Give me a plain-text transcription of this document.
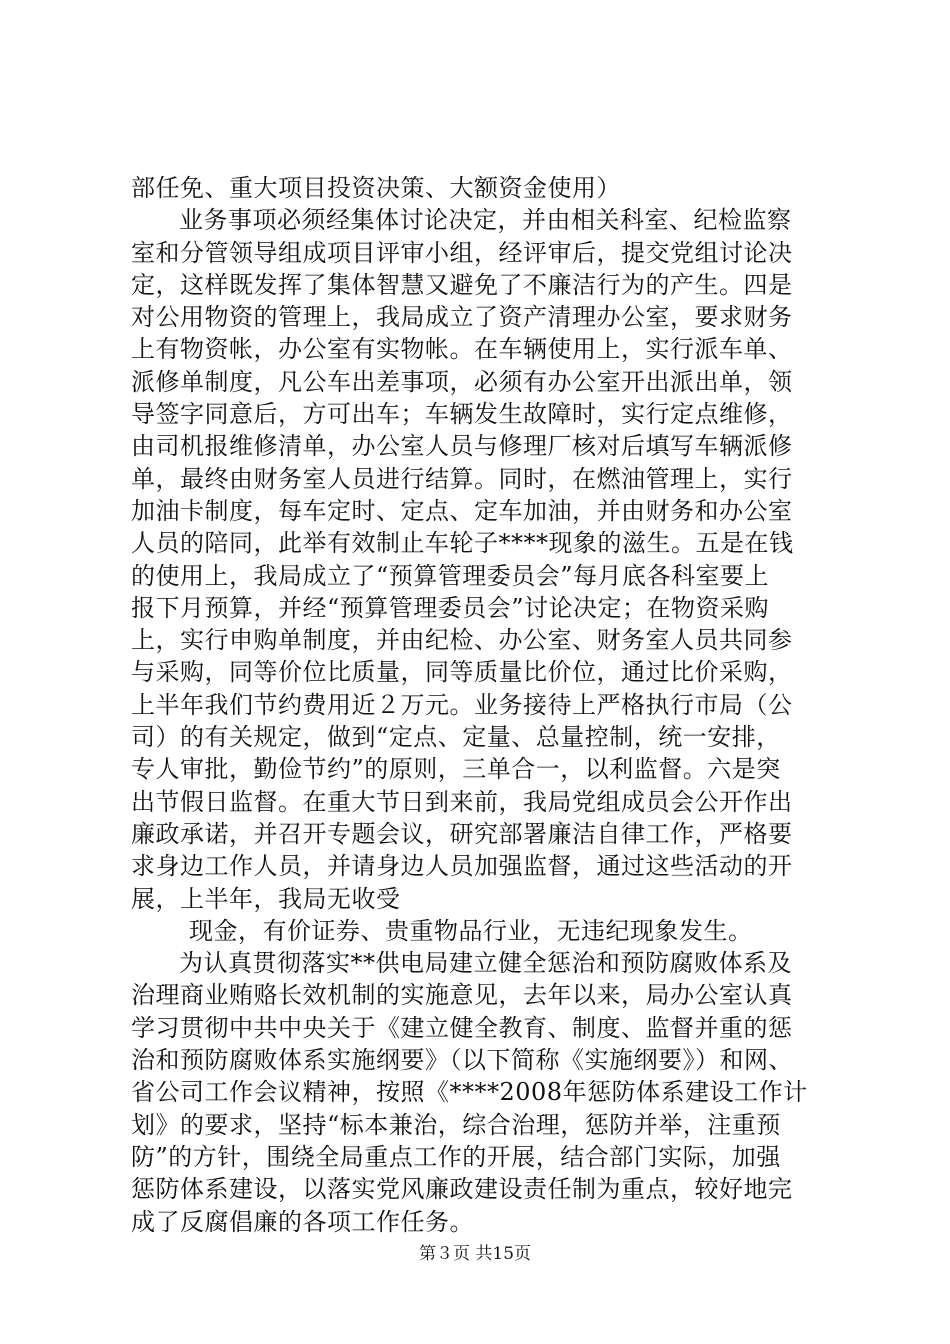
部任免、重大项目投资决策、大额资金使用）
业务事项必须经集体讨论决定，并由相关科室、纪检监察
室和分管领导组成项目评审小组，经评审后，提交党组讨论决
定，这样既发挥了集体智慧又避免了不廉洁行为的产生。四是
对公用物资的管理上，我局成立了资产清理办公室，要求财务
上有物资帐，办公室有实物帐。在车辆使用上，实行派车单、
派修单制度，凡公车出差事项，必须有办公室开出派出单，领
导签字同意后，方可出车；车辆发生故障时，实行定点维修，
由司机报维修清单，办公室人员与修理厂核对后填写车辆派修
单，最终由财务室人员进行结算。同时，在燃油管理上，实行
加油卡制度，每车定时、定点、定车加油，并由财务和办公室
人员的陪同，此举有效制止车轮子****现象的滋生。五是在钱
的使用上，我局成立了“预算管理委员会”每月底各科室要上
报下月预算，并经“预算管理委员会”讨论决定；在物资采购
上，实行申购单制度，并由纪检、办公室、财务室人员共同参
与采购，同等价位比质量，同等质量比价位，通过比价采购，
上半年我们节约费用近２万元。业务接待上严格执行市局（公
司）的有关规定，做到“定点、定量、总量控制，统一安排，
专人审批，勤俭节约”的原则，三单合一，以利监督。六是突
出节假日监督。在重大节日到来前，我局党组成员会公开作出
廉政承诺，并召开专题会议，研究部署廉洁自律工作，严格要
求身边工作人员，并请身边人员加强监督，通过这些活动的开
展，上半年，我局无收受
现金，有价证券、贵重物品行业，无违纪现象发生。
为认真贯彻落实**供电局建立健全惩治和预防腐败体系及
治理商业贿赂长效机制的实施意见，去年以来，局办公室认真
学习贯彻中共中央关于《建立健全教育、制度、监督并重的惩
治和预防腐败体系实施纲要》（以下简称《实施纲要》）和网、
省公司工作会议精神，按照《****2008年惩防体系建设工作计
划》的要求，坚持“标本兼治，综合治理，惩防并举，注重预
防”的方针，围绕全局重点工作的开展，结合部门实际，加强
惩防体系建设，以落实党风廉政建设责任制为重点，较好地完
成了反腐倡廉的各项工作任务。
第３页 共15页
